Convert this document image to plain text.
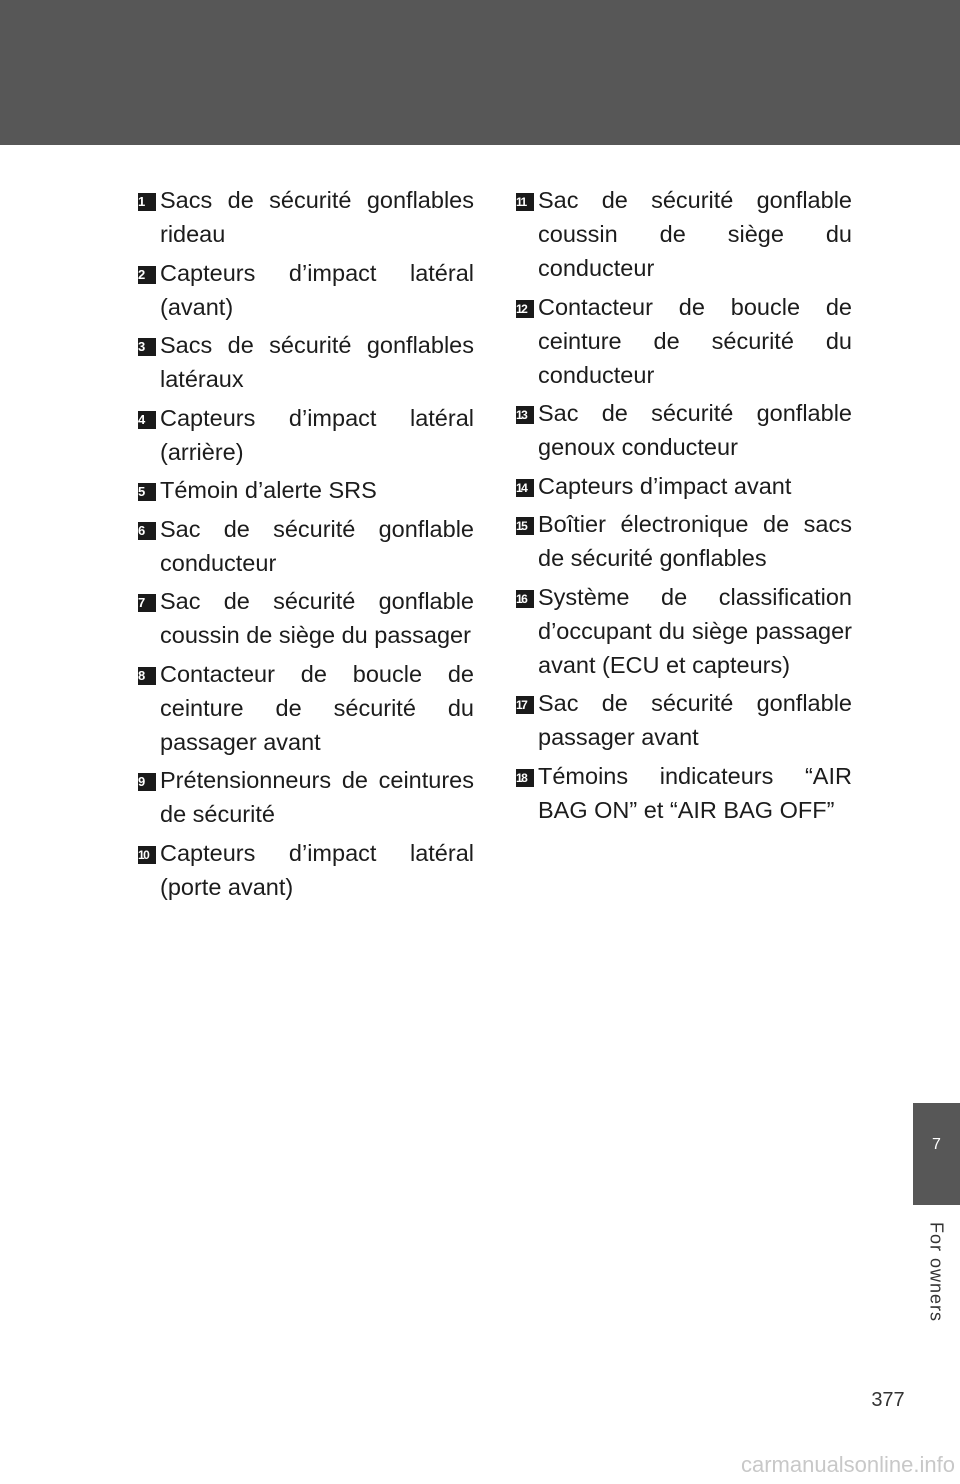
1 Sacs de sécurité gonflables rideau
2 Capteurs d’impact latéral (avant)
3 Sacs de sécurité gonflables latéraux
4 Capteurs d’impact latéral (arrière)
5 Témoin d’alerte SRS
6 Sac de sécurité gonflable conducteur
7 Sac de sécurité gonflable coussin de siège du passager
8 Contacteur de boucle de ceinture de sécurité du passager avant
9 Prétensionneurs de ceintures de sécurité
10 Capteurs d’impact latéral (porte avant)
11 Sac de sécurité gonflable coussin de siège du conducteur
12 Contacteur de boucle de ceinture de sécurité du conducteur
13 Sac de sécurité gonflable genoux conducteur
14 Capteurs d’impact avant
15 Boîtier électronique de sacs de sécurité gonflables
16 Système de classification d’occupant du siège passager avant (ECU et capteurs)
17 Sac de sécurité gonflable passager avant
18 Témoins indicateurs “AIR BAG ON” et “AIR BAG OFF”
7
For owners
377
carmanualsonline.info
